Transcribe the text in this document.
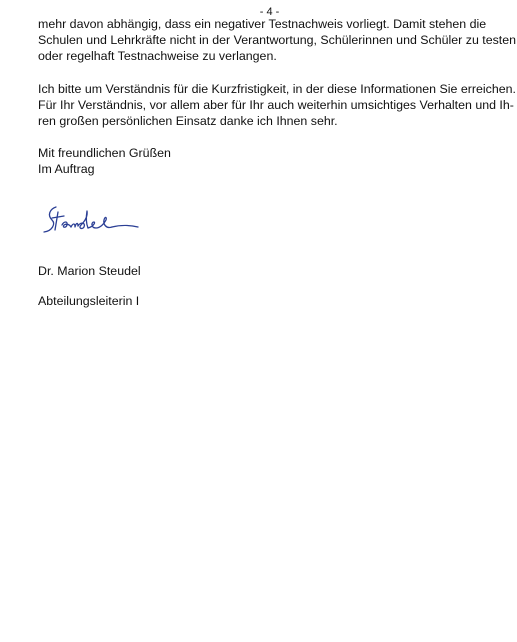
- 4 -
mehr davon abhängig, dass ein negativer Testnachweis vorliegt. Damit stehen die
Schulen und Lehrkräfte nicht in der Verantwortung, Schülerinnen und Schüler zu testen
oder regelhaft Testnachweise zu verlangen.
Ich bitte um Verständnis für die Kurzfristigkeit, in der diese Informationen Sie erreichen.
Für Ihr Verständnis, vor allem aber für Ihr auch weiterhin umsichtiges Verhalten und Ih-
ren großen persönlichen Einsatz danke ich Ihnen sehr.
Mit freundlichen Grüßen
Im Auftrag
Dr. Marion Steudel
Abteilungsleiterin I
